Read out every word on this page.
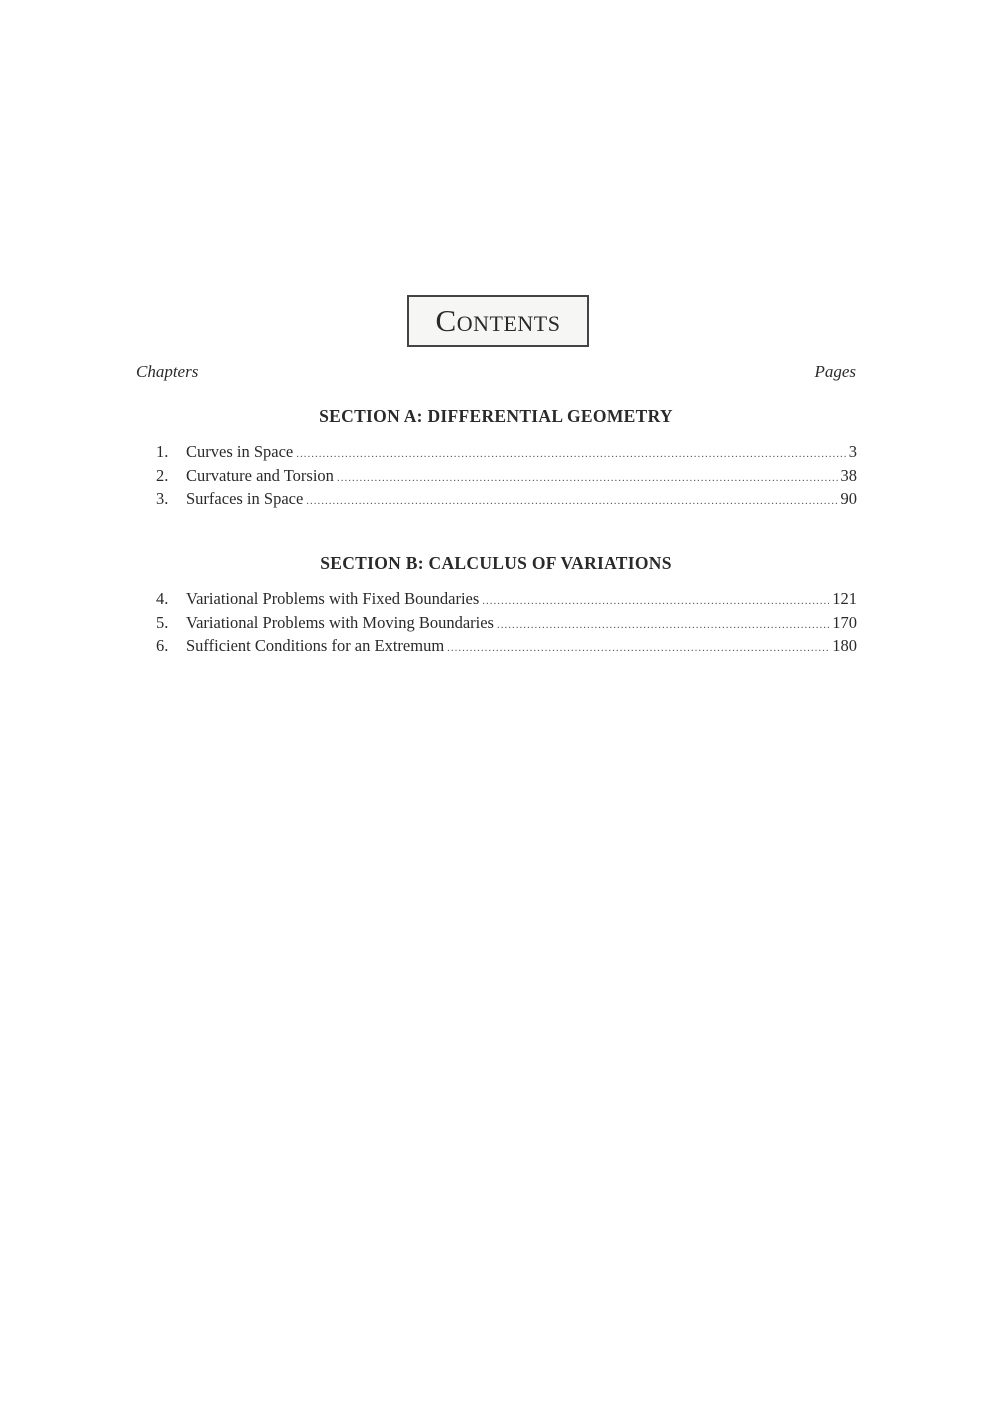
Contents
Chapters	Pages
SECTION A: DIFFERENTIAL GEOMETRY
1.	Curves in Space .....	3
2.	Curvature and Torsion .....	38
3.	Surfaces in Space .....	90
SECTION B: CALCULUS OF VARIATIONS
4.	Variational Problems with Fixed Boundaries .....	121
5.	Variational Problems with Moving Boundaries .....	170
6.	Sufficient Conditions for an Extremum .....	180
